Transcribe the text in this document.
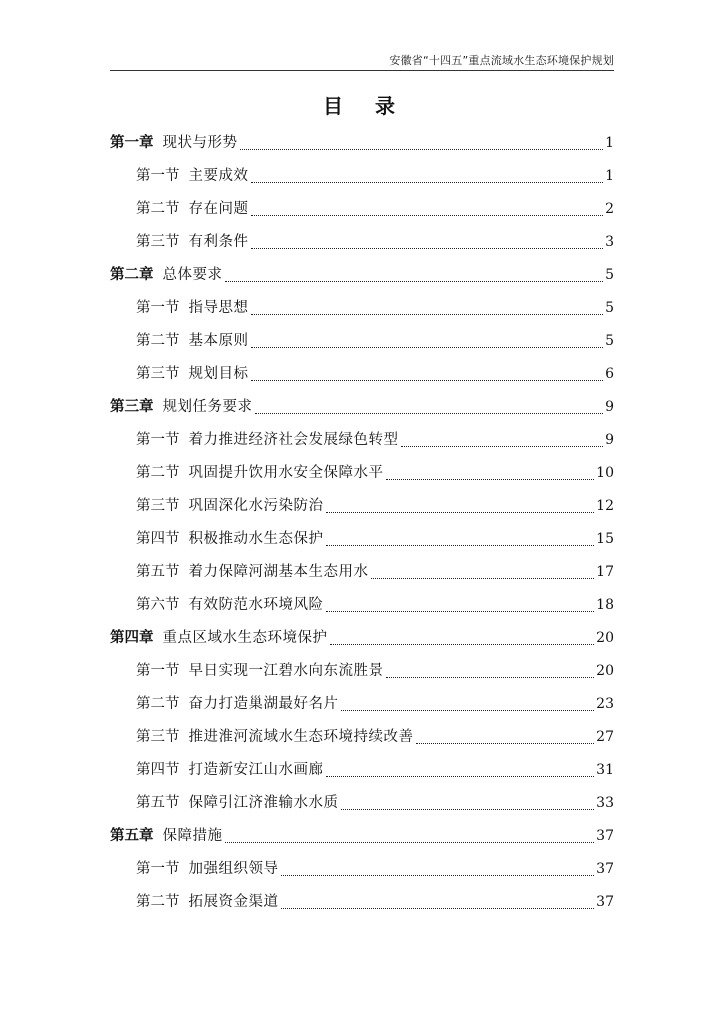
安徽省“十四五”重点流域水生态环境保护规划
目　录
第一章 现状与形势	1
第一节 主要成效	1
第二节 存在问题	2
第三节 有利条件	3
第二章 总体要求	5
第一节 指导思想	5
第二节 基本原则	5
第三节 规划目标	6
第三章 规划任务要求	9
第一节 着力推进经济社会发展绿色转型	9
第二节 巩固提升饮用水安全保障水平	10
第三节 巩固深化水污染防治	12
第四节 积极推动水生态保护	15
第五节 着力保障河湖基本生态用水	17
第六节 有效防范水环境风险	18
第四章 重点区域水生态环境保护	20
第一节 早日实现一江碧水向东流胜景	20
第二节 奋力打造巢湖最好名片	23
第三节 推进淮河流域水生态环境持续改善	27
第四节 打造新安江山水画廊	31
第五节 保障引江济淮输水水质	33
第五章 保障措施	37
第一节 加强组织领导	37
第二节 拓展资金渠道	37
